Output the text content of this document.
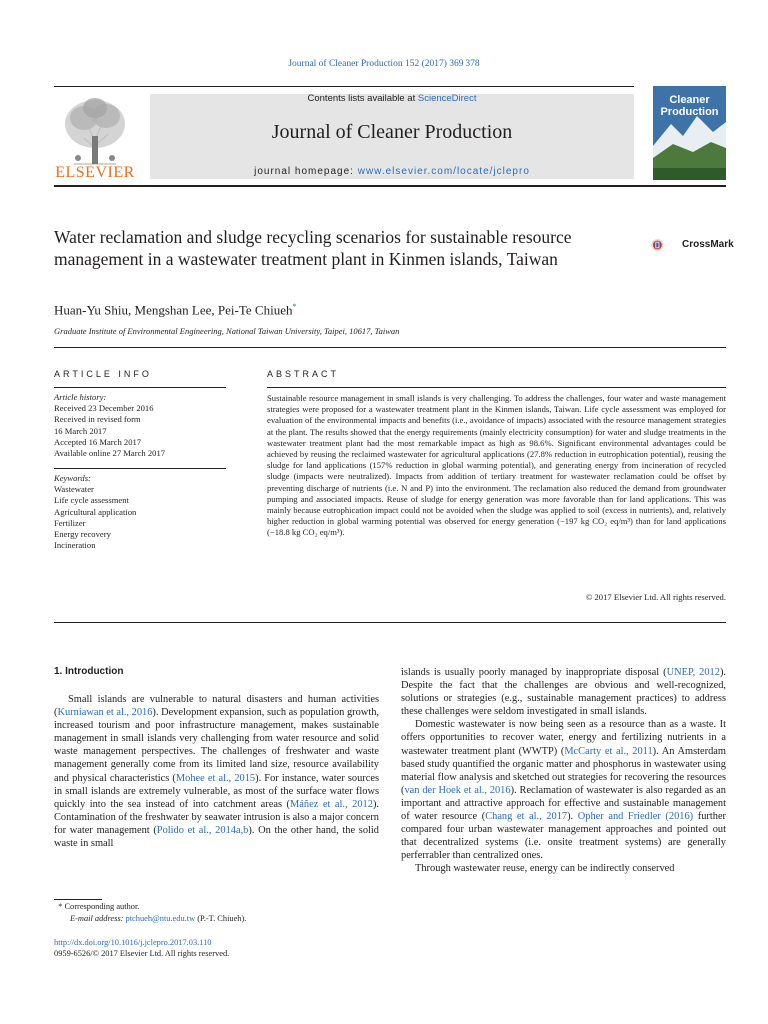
Journal of Cleaner Production 152 (2017) 369 378
ELSEVIER
Contents lists available at ScienceDirect
Journal of Cleaner Production
journal homepage: www.elsevier.com/locate/jclepro
Cleaner
Production
Water reclamation and sludge recycling scenarios for sustainable resource management in a wastewater treatment plant in Kinmen islands, Taiwan
CrossMark
Huan-Yu Shiu, Mengshan Lee, Pei-Te Chiueh*
Graduate Institute of Environmental Engineering, National Taiwan University, Taipei, 10617, Taiwan
ARTICLE INFO
Article history:
Received 23 December 2016
Received in revised form
16 March 2017
Accepted 16 March 2017
Available online 27 March 2017
Keywords:
Wastewater
Life cycle assessment
Agricultural application
Fertilizer
Energy recovery
Incineration
ABSTRACT
Sustainable resource management in small islands is very challenging. To address the challenges, four water and waste management strategies were proposed for a wastewater treatment plant in the Kinmen islands, Taiwan. Life cycle assessment was employed for evaluation of the environmental impacts and benefits (i.e., avoidance of impacts) associated with the resource management strategies at the plant. The results showed that the energy requirements (mainly electricity consumption) for water and sludge treatments in the wastewater treatment plant had the most remarkable impact as high as 98.6%. Significant environmental advantages could be achieved by reusing the reclaimed wastewater for agricultural applications (27.8% reduction in eutrophication potential), reusing the sludge for land applications (157% reduction in global warming potential), and generating energy from incineration of recycled sludge (impacts were neutralized). Impacts from addition of tertiary treatment for wastewater reclamation could be offset by preventing discharge of nutrients (i.e. N and P) into the environment. The reclamation also reduced the demand from groundwater pumping and associated impacts. Reuse of sludge for energy generation was more favorable than for land applications. This was mainly because eutrophication impact could not be avoided when the sludge was applied to soil (excess in nutrients), and, relatively higher reduction in global warming potential was observed for energy generation (−197 kg CO₂ eq/m³) than for land applications (−18.8 kg CO₂ eq/m³).
© 2017 Elsevier Ltd. All rights reserved.
1. Introduction

Small islands are vulnerable to natural disasters and human activities (Kurniawan et al., 2016). Development expansion, such as population growth, increased tourism and poor infrastructure management, makes sustainable management in small islands very challenging from water resource and solid waste management perspectives. The challenges of freshwater and waste management generally come from its limited land size, resource availability and physical characteristics (Mohee et al., 2015). For instance, water sources in small islands are extremely vulnerable, as most of the surface water flows quickly into the sea instead of into catchment areas (Máñez et al., 2012). Contamination of the freshwater by seawater intrusion is also a major concern for water management (Polido et al., 2014a,b). On the other hand, the solid waste in small

islands is usually poorly managed by inappropriate disposal (UNEP, 2012). Despite the fact that the challenges are obvious and well-recognized, solutions or strategies (e.g., sustainable management practices) to address these challenges were seldom investigated in small islands.

Domestic wastewater is now being seen as a resource than as a waste. It offers opportunities to recover water, energy and fertilizing nutrients in a wastewater treatment plant (WWTP) (McCarty et al., 2011). An Amsterdam based study quantified the organic matter and phosphorus in wastewater using material flow analysis and sketched out strategies for recovering the resources (van der Hoek et al., 2016). Reclamation of wastewater is also regarded as an important and attractive approach for effective and sustainable management of water resource (Chang et al., 2017). Opher and Friedler (2016) further compared four urban wastewater management approaches and pointed out that decentralized systems (i.e. onsite treatment systems) are generally perferrabler than centralized ones.

Through wastewater reuse, energy can be indirectly conserved

* Corresponding author.
E-mail address: ptchueh@ntu.edu.tw (P.-T. Chiueh).
http://dx.doi.org/10.1016/j.jclepro.2017.03.110
0959-6526/© 2017 Elsevier Ltd. All rights reserved.
